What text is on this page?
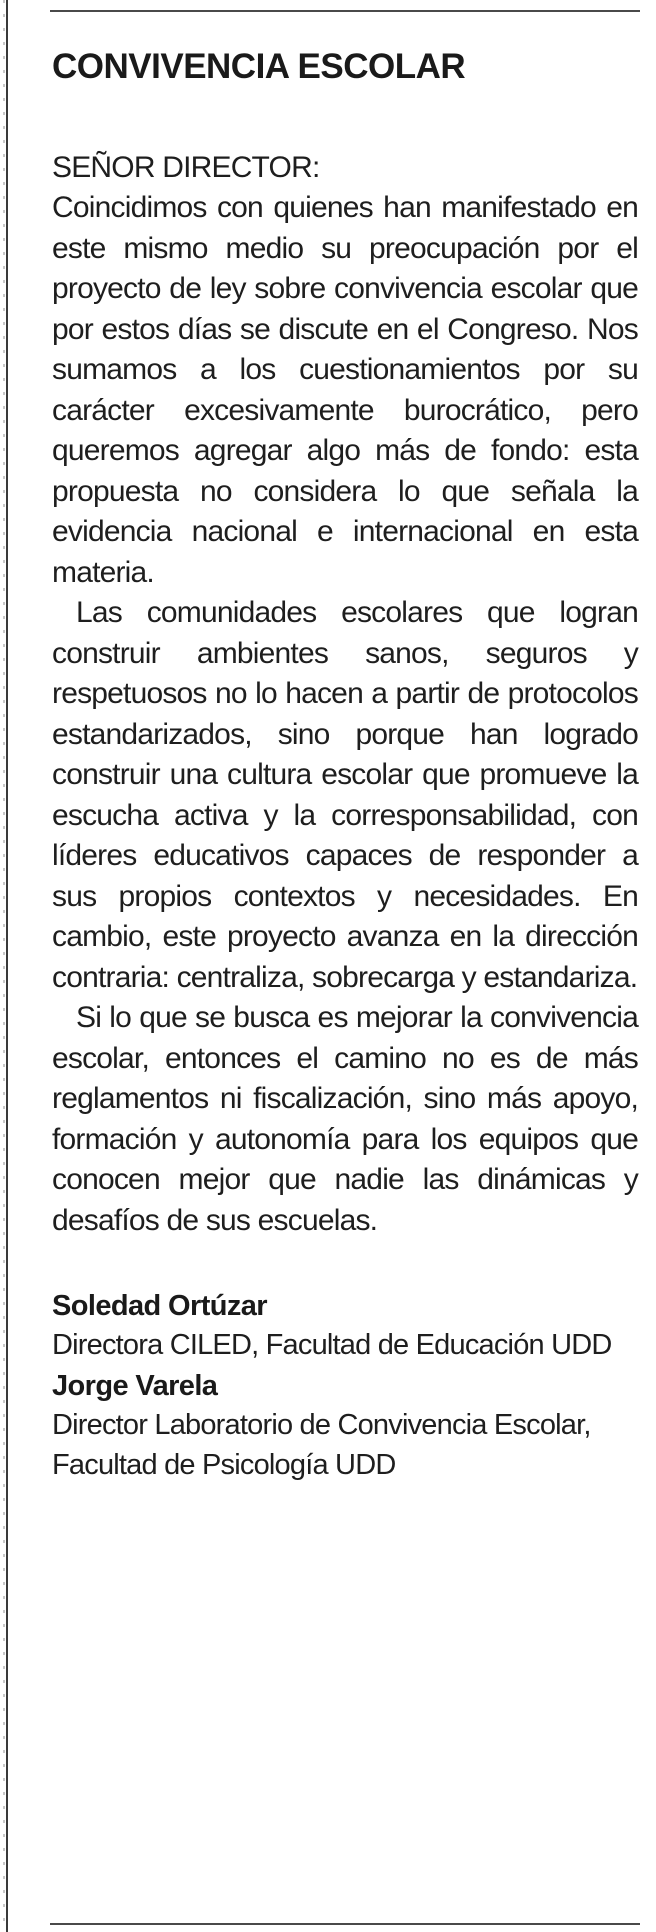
CONVIVENCIA ESCOLAR

SEÑOR DIRECTOR:

Coincidimos con quienes han manifestado en este mismo medio su preocupación por el proyecto de ley sobre convivencia escolar que por estos días se discute en el Congreso. Nos sumamos a los cuestionamientos por su carácter excesivamente burocrático, pero queremos agregar algo más de fondo: esta propuesta no considera lo que señala la evidencia nacional e internacional en esta materia.

Las comunidades escolares que logran construir ambientes sanos, seguros y respetuosos no lo hacen a partir de protocolos estandarizados, sino porque han logrado construir una cultura escolar que promueve la escucha activa y la corresponsabilidad, con líderes educativos capaces de responder a sus propios contextos y necesidades. En cambio, este proyecto avanza en la dirección contraria: centraliza, sobrecarga y estandariza.

Si lo que se busca es mejorar la convivencia escolar, entonces el camino no es de más reglamentos ni fiscalización, sino más apoyo, formación y autonomía para los equipos que conocen mejor que nadie las dinámicas y desafíos de sus escuelas.

Soledad Ortúzar

Directora CILED, Facultad de Educación UDD

Jorge Varela

Director Laboratorio de Convivencia Escolar, Facultad de Psicología UDD
